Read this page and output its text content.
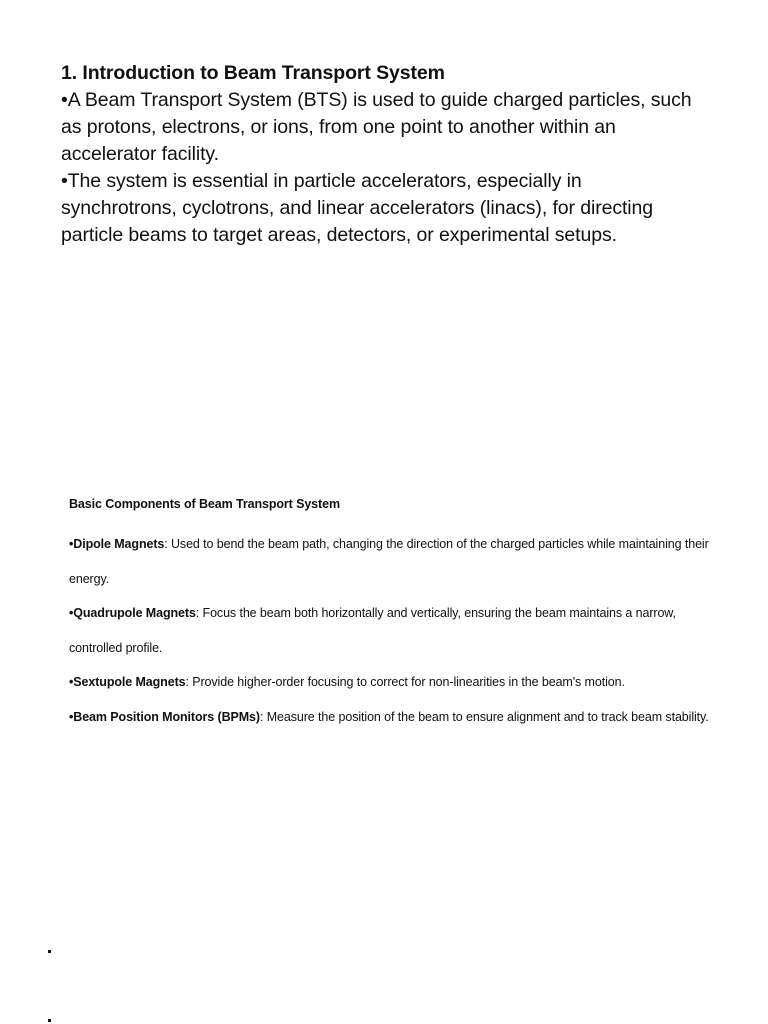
1. Introduction to Beam Transport System

•A Beam Transport System (BTS) is used to guide charged particles, such as protons, electrons, or ions, from one point to another within an accelerator facility.

•The system is essential in particle accelerators, especially in synchrotrons, cyclotrons, and linear accelerators (linacs), for directing particle beams to target areas, detectors, or experimental setups.

Basic Components of Beam Transport System

•Dipole Magnets: Used to bend the beam path, changing the direction of the charged particles while maintaining their energy.

•Quadrupole Magnets: Focus the beam both horizontally and vertically, ensuring the beam maintains a narrow, controlled profile.

•Sextupole Magnets: Provide higher-order focusing to correct for non-linearities in the beam's motion.

•Beam Position Monitors (BPMs): Measure the position of the beam to ensure alignment and to track beam stability.
